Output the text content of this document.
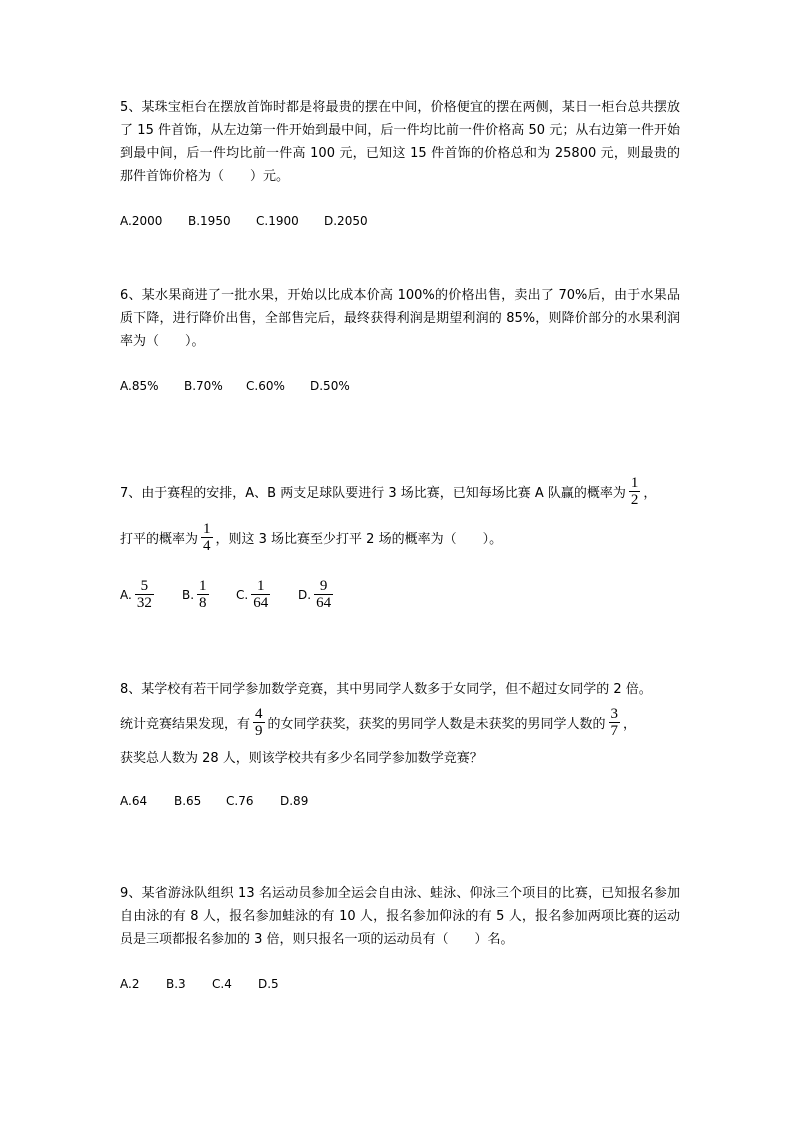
5、某珠宝柜台在摆放首饰时都是将最贵的摆在中间，价格便宜的摆在两侧，某日一柜台总共摆放了 15 件首饰，从左边第一件开始到最中间，后一件均比前一件价格高 50 元；从右边第一件开始到最中间，后一件均比前一件高 100 元，已知这 15 件首饰的价格总和为 25800 元，则最贵的那件首饰价格为（　　）元。

A.2000	B.1950	C.1900	D.2050

6、某水果商进了一批水果，开始以比成本价高 100%的价格出售，卖出了 70%后，由于水果品质下降，进行降价出售，全部售完后，最终获得利润是期望利润的 85%，则降价部分的水果利润率为（　　）。

A.85%	B.70%	C.60%	D.50%
7、由于赛程的安排，A、B 两支足球队要进行 3 场比赛，已知每场比赛 A 队赢的概率为 $\frac{1}{2}$ ，
打平的概率为 $\frac{1}{4}$ ，则这 3 场比赛至少打平 2 场的概率为（　　）。
A. $\frac{5}{32} B$. $\frac{1}{8} C$. $\frac{1}{64} D$. $\frac{9}{64}$
8、某学校有若干同学参加数学竞赛，其中男同学人数多于女同学，但不超过女同学的 2 倍。
统计竞赛结果发现，有 $\frac{4}{9}$ 的女同学获奖，获奖的男同学人数是未获奖的男同学人数的 $\frac{3}{7}$ ，
获奖总人数为 28 人，则该学校共有多少名同学参加数学竞赛？
A.64	B.65	C.76	D.89

9、某省游泳队组织 13 名运动员参加全运会自由泳、蛙泳、仰泳三个项目的比赛，已知报名参加自由泳的有 8 人，报名参加蛙泳的有 10 人，报名参加仰泳的有 5 人，报名参加两项比赛的运动员是三项都报名参加的 3 倍，则只报名一项的运动员有（　　）名。

A.2	B.3	C.4	D.5
